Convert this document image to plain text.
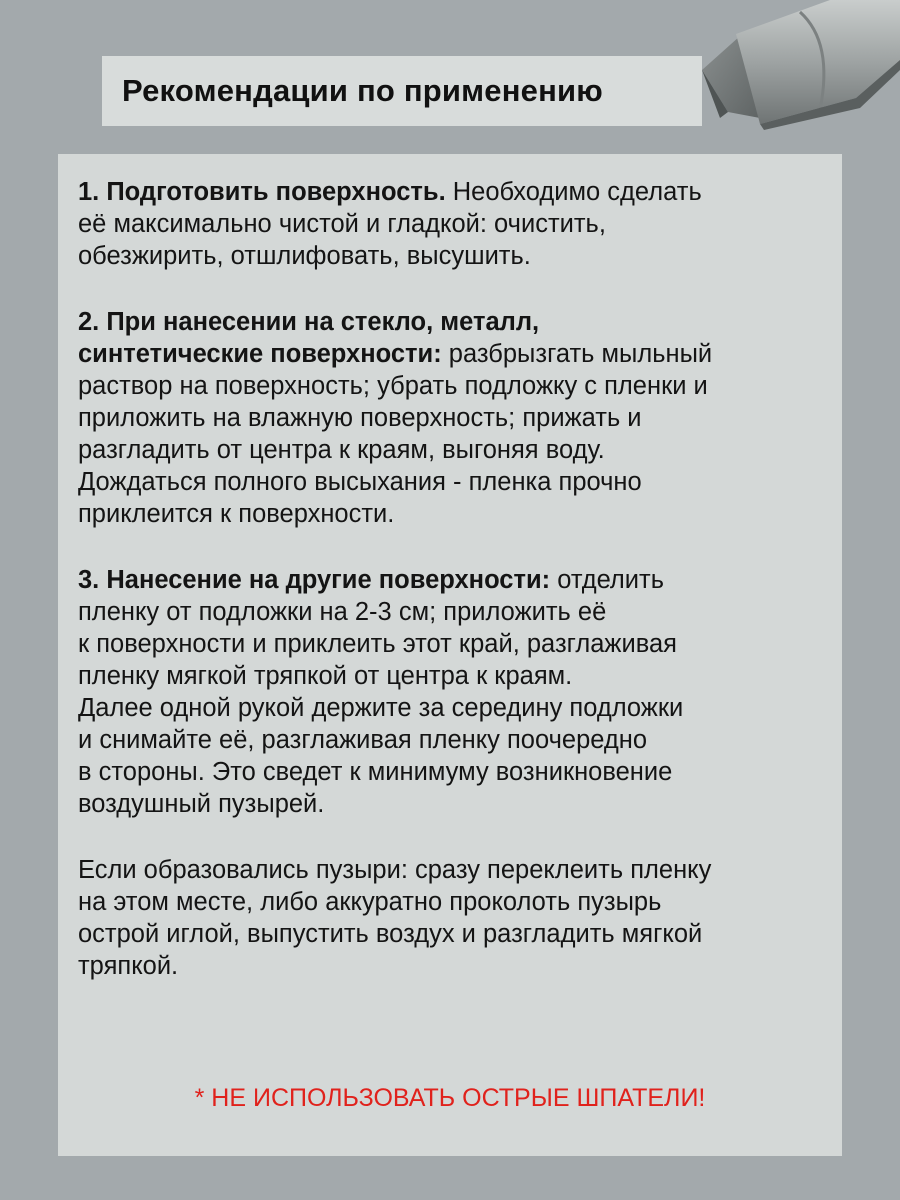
Рекомендации по применению

1. Подготовить поверхность. Необходимо сделать
её максимально чистой и гладкой: очистить,
обезжирить, отшлифовать, высушить.

2. При нанесении на стекло, металл,
синтетические поверхности: разбрызгать мыльный
раствор на поверхность; убрать подложку с пленки и
приложить на влажную поверхность; прижать и
разгладить от центра к краям, выгоняя воду.
Дождаться полного высыхания - пленка прочно
приклеится к поверхности.

3. Нанесение на другие поверхности: отделить
пленку от подложки на 2-3 см; приложить её
к поверхности и приклеить этот край, разглаживая
пленку мягкой тряпкой от центра к краям.
Далее одной рукой держите за середину подложки
и снимайте её, разглаживая пленку поочередно
в стороны. Это сведет к минимуму возникновение
воздушный пузырей.

Если образовались пузыри: сразу переклеить пленку
на этом месте, либо аккуратно проколоть пузырь
острой иглой, выпустить воздух и разгладить мягкой
тряпкой.

* НЕ ИСПОЛЬЗОВАТЬ ОСТРЫЕ ШПАТЕЛИ!
